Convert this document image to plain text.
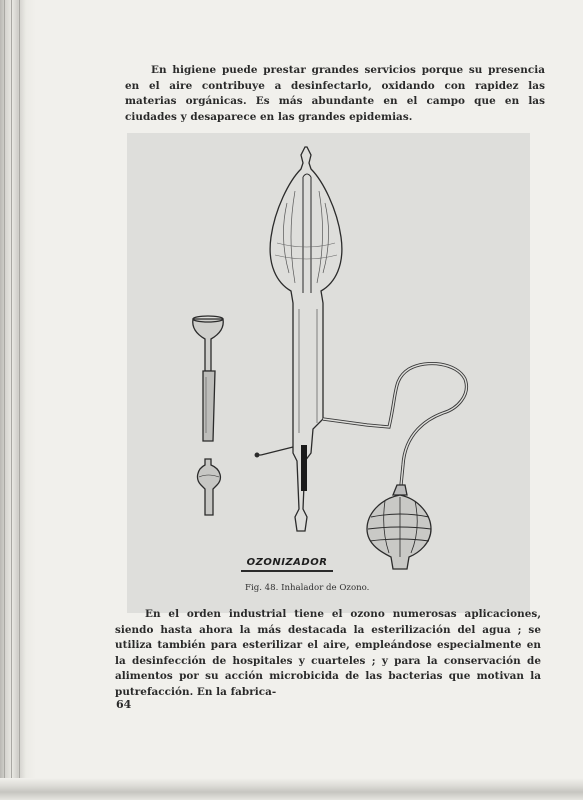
En higiene puede prestar grandes servicios porque su presencia en el aire contribuye a desinfectarlo, oxidando con rapidez las materias orgánicas. Es más abundante en el campo que en las ciudades y desaparece en las grandes epidemias.

OZONIZADOR
Fig. 48. Inhalador de Ozono.

En el orden industrial tiene el ozono numerosas aplicaciones, siendo hasta ahora la más destacada la esterilización del agua ; se utiliza también para esterilizar el aire, empleándose especialmente en la desinfección de hospitales y cuarteles ; y para la conservación de alimentos por su acción microbicida de las bacterias que motivan la putrefacción. En la fabrica-

64
